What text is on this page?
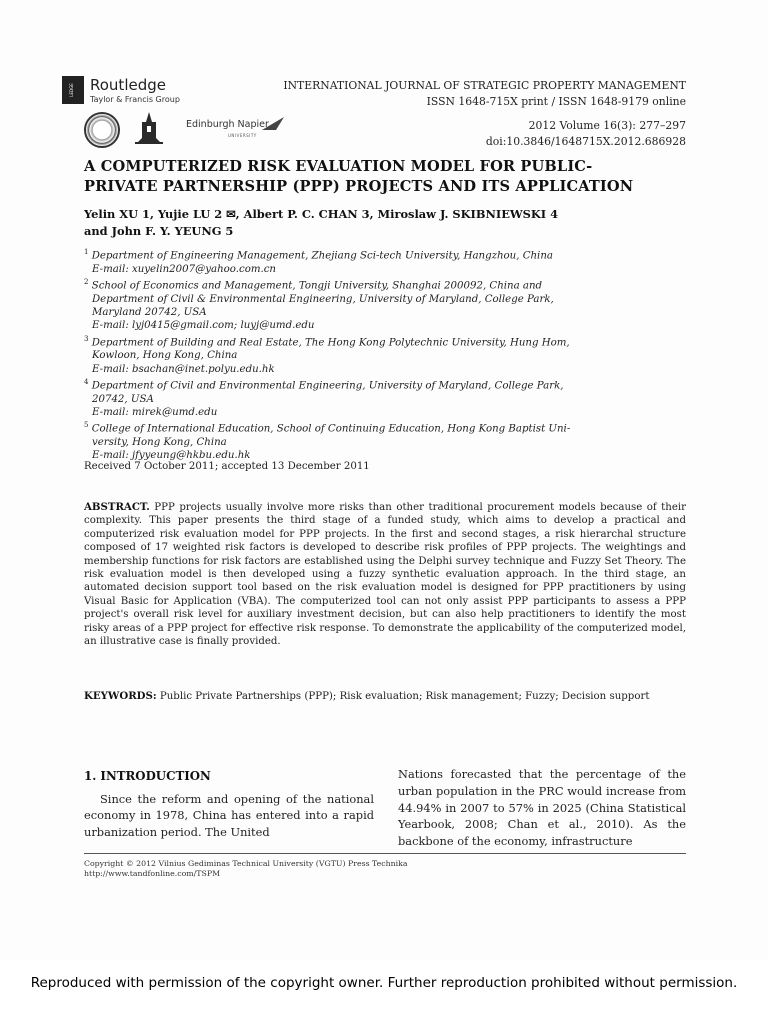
LEDGE Routledge
Taylor & Francis Group
Edinburgh Napier
UNIVERSITY
INTERNATIONAL JOURNAL OF STRATEGIC PROPERTY MANAGEMENT
ISSN 1648-715X print / ISSN 1648-9179 online

2012 Volume 16(3): 277–297
doi:10.3846/1648715X.2012.686928
A COMPUTERIZED RISK EVALUATION MODEL FOR PUBLIC-
PRIVATE PARTNERSHIP (PPP) PROJECTS AND ITS APPLICATION
Yelin XU 1, Yujie LU 2 ✉, Albert P. C. CHAN 3, Miroslaw J. SKIBNIEWSKI 4
and John F. Y. YEUNG 5

$^1$ Department of Engineering Management, Zhejiang Sci-tech University, Hangzhou, China
E-mail: xuyelin2007@yahoo.com.cn

$^2$ School of Economics and Management, Tongji University, Shanghai 200092, China and
Department of Civil & Environmental Engineering, University of Maryland, College Park,
Maryland 20742, USA
E-mail: lyj0415@gmail.com; luyj@umd.edu

$^3$ Department of Building and Real Estate, The Hong Kong Polytechnic University, Hung Hom,
Kowloon, Hong Kong, China
E-mail: bsachan@inet.polyu.edu.hk

$^4$ Department of Civil and Environmental Engineering, University of Maryland, College Park,
20742, USA
E-mail: mirek@umd.edu

$^5$ College of International Education, School of Continuing Education, Hong Kong Baptist Uni-
versity, Hong Kong, China
E-mail: jfyyeung@hkbu.edu.hk

Received 7 October 2011; accepted 13 December 2011
ABSTRACT. PPP projects usually involve more risks than other traditional procurement models because of their complexity. This paper presents the third stage of a funded study, which aims to develop a practical and computerized risk evaluation model for PPP projects. In the first and second stages, a risk hierarchal structure composed of 17 weighted risk factors is developed to describe risk profiles of PPP projects. The weightings and membership functions for risk factors are established using the Delphi survey technique and Fuzzy Set Theory. The risk evaluation model is then developed using a fuzzy synthetic evaluation approach. In the third stage, an automated decision support tool based on the risk evaluation model is designed for PPP practitioners by using Visual Basic for Application (VBA). The computerized tool can not only assist PPP participants to assess a PPP project's overall risk level for auxiliary investment decision, but can also help practitioners to identify the most risky areas of a PPP project for effective risk response. To demonstrate the applicability of the computerized model, an illustrative case is finally provided.
KEYWORDS: Public Private Partnerships (PPP); Risk evaluation; Risk management; Fuzzy; Decision support
1. INTRODUCTION

Since the reform and opening of the national economy in 1978, China has entered into a rapid urbanization period. The United

Nations forecasted that the percentage of the urban population in the PRC would increase from 44.94% in 2007 to 57% in 2025 (China Statistical Yearbook, 2008; Chan et al., 2010). As the backbone of the economy, infrastructure
Copyright © 2012 Vilnius Gediminas Technical University (VGTU) Press Technika
http://www.tandfonline.com/TSPM
Reproduced with permission of the copyright owner. Further reproduction prohibited without permission.
